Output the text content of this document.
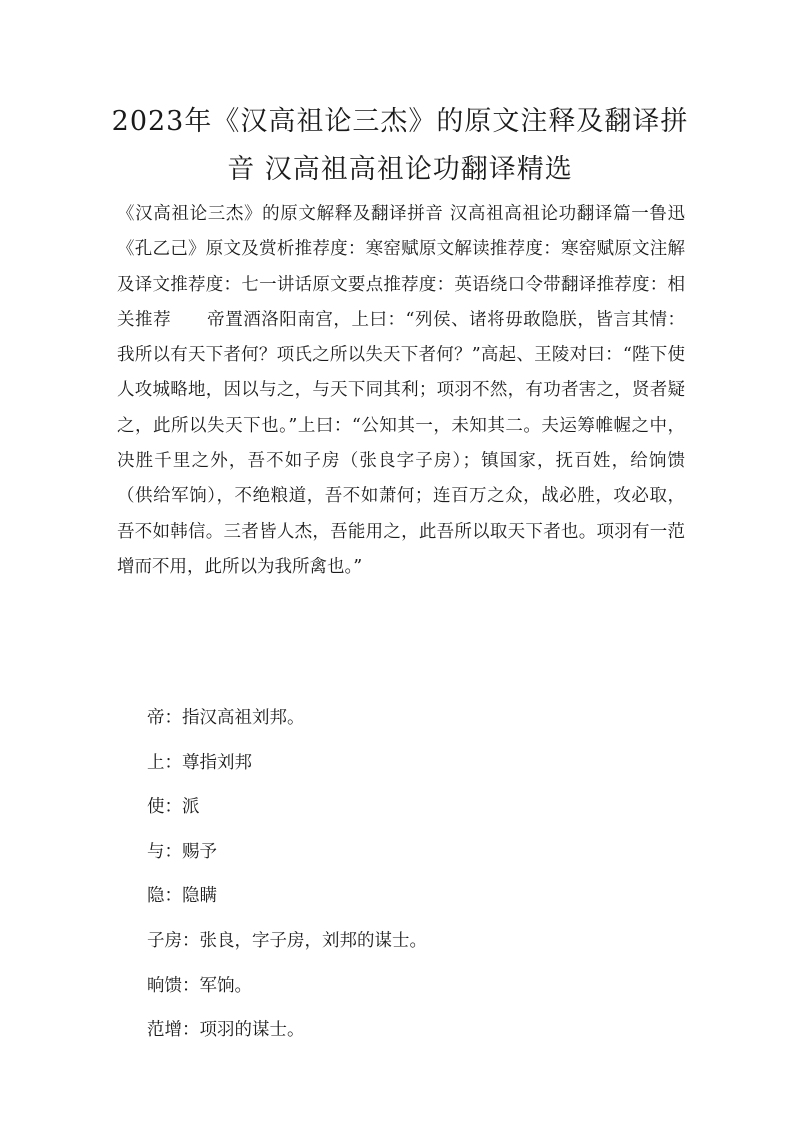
2023年《汉高祖论三杰》的原文注释及翻译拼
音 汉高祖高祖论功翻译精选

《汉高祖论三杰》的原文解释及翻译拼音 汉高祖高祖论功翻译篇一鲁迅《孔乙己》原文及赏析推荐度：寒窑赋原文解读推荐度：寒窑赋原文注解及译文推荐度：七一讲话原文要点推荐度：英语绕口令带翻译推荐度：相关推荐　　帝置酒洛阳南宫，上曰：“列侯、诸将毋敢隐朕，皆言其情：我所以有天下者何？项氏之所以失天下者何？”高起、王陵对曰：“陛下使人攻城略地，因以与之，与天下同其利；项羽不然，有功者害之，贤者疑之，此所以失天下也。”上曰：“公知其一，未知其二。夫运筹帷幄之中，决胜千里之外，吾不如子房（张良字子房）；镇国家，抚百姓，给饷馈（供给军饷），不绝粮道，吾不如萧何；连百万之众，战必胜，攻必取，吾不如韩信。三者皆人杰，吾能用之，此吾所以取天下者也。项羽有一范增而不用，此所以为我所禽也。”

帝：指汉高祖刘邦。
上：尊指刘邦
使：派
与：赐予
隐：隐瞒
子房：张良，字子房，刘邦的谋士。
晌馈：军饷。
范增：项羽的谋士。
